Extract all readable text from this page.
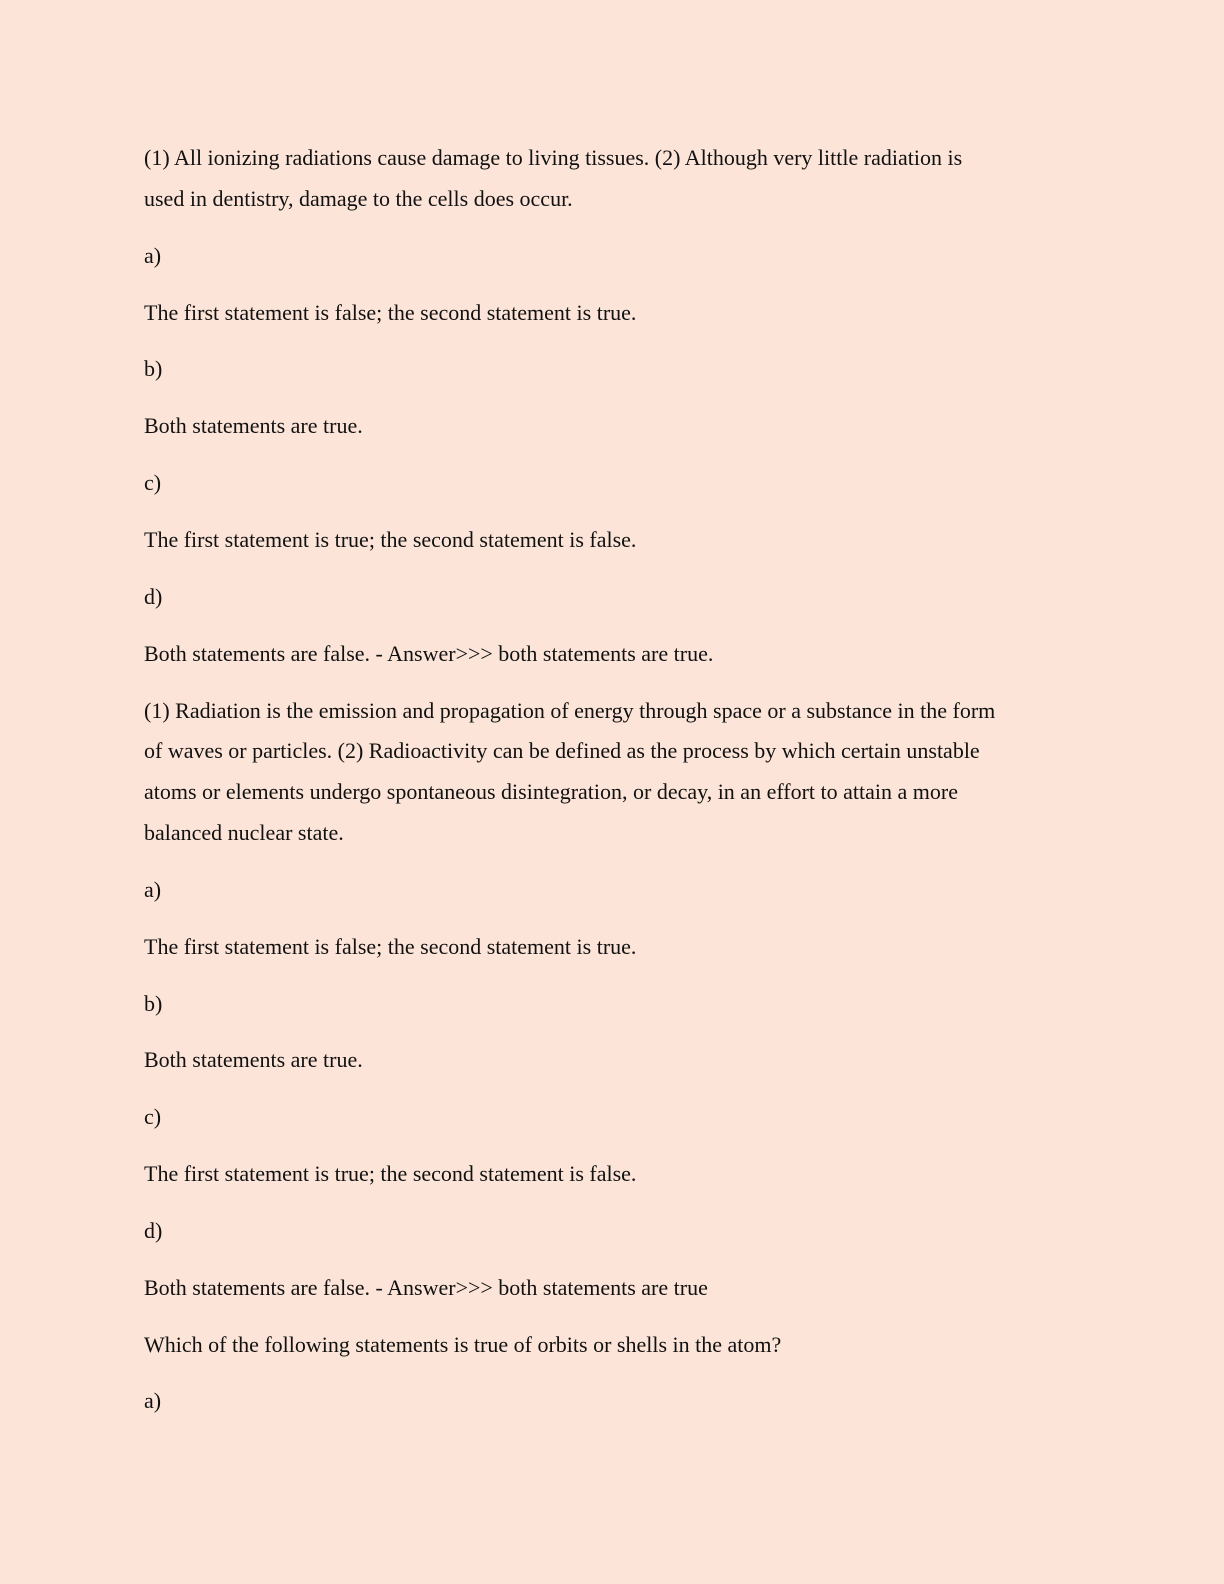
(1) All ionizing radiations cause damage to living tissues. (2) Although very little radiation is
used in dentistry, damage to the cells does occur.
a)
The first statement is false; the second statement is true.
b)
Both statements are true.
c)
The first statement is true; the second statement is false.
d)
Both statements are false. - Answer>>> both statements are true.
(1) Radiation is the emission and propagation of energy through space or a substance in the form
of waves or particles. (2) Radioactivity can be defined as the process by which certain unstable
atoms or elements undergo spontaneous disintegration, or decay, in an effort to attain a more
balanced nuclear state.
a)
The first statement is false; the second statement is true.
b)
Both statements are true.
c)
The first statement is true; the second statement is false.
d)
Both statements are false. - Answer>>> both statements are true
Which of the following statements is true of orbits or shells in the atom?
a)
